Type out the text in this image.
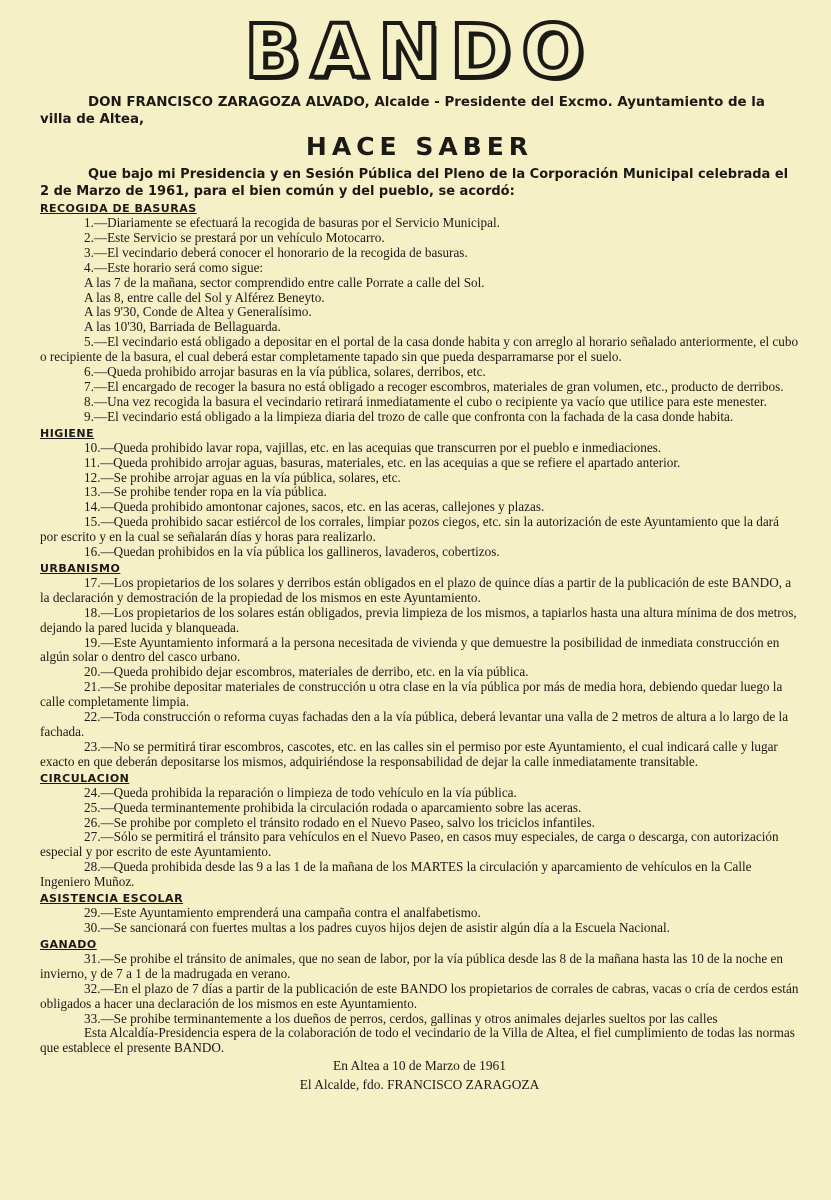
BANDO

DON FRANCISCO ZARAGOZA ALVADO, Alcalde - Presidente del Excmo. Ayuntamiento de la villa de Altea,

HACE SABER

Que bajo mi Presidencia y en Sesión Pública del Pleno de la Corporación Municipal celebrada el 2 de Marzo de 1961, para el bien común y del pueblo, se acordó:

RECOGIDA DE BASURAS

1.—Diariamente se efectuará la recogida de basuras por el Servicio Municipal.

2.—Este Servicio se prestará por un vehículo Motocarro.

3.—El vecindario deberá conocer el honorario de la recogida de basuras.

4.—Este horario será como sigue:

A las 7 de la mañana, sector comprendido entre calle Porrate a calle del Sol.

A las 8, entre calle del Sol y Alférez Beneyto.

A las 9'30, Conde de Altea y Generalísimo.

A las 10'30, Barriada de Bellaguarda.

5.—El vecindario está obligado a depositar en el portal de la casa donde habita y con arreglo al horario señalado anteriormente, el cubo o recipiente de la basura, el cual deberá estar completamente tapado sin que pueda desparramarse por el suelo.

6.—Queda prohibido arrojar basuras en la vía pública, solares, derribos, etc.

7.—El encargado de recoger la basura no está obligado a recoger escombros, materiales de gran volumen, etc., producto de derribos.

8.—Una vez recogida la basura el vecindario retirará inmediatamente el cubo o recipiente ya vacío que utilice para este menester.

9.—El vecindario está obligado a la limpieza diaria del trozo de calle que confronta con la fachada de la casa donde habita.

HIGIENE

10.—Queda prohibido lavar ropa, vajillas, etc. en las acequias que transcurren por el pueblo e inmediaciones.

11.—Queda prohibido arrojar aguas, basuras, materiales, etc. en las acequias a que se refiere el apartado anterior.

12.—Se prohibe arrojar aguas en la vía pública, solares, etc.

13.—Se prohibe tender ropa en la vía pública.

14.—Queda prohibido amontonar cajones, sacos, etc. en las aceras, callejones y plazas.

15.—Queda prohibido sacar estiércol de los corrales, limpiar pozos ciegos, etc. sin la autorización de este Ayuntamiento que la dará por escrito y en la cual se señalarán días y horas para realizarlo.

16.—Quedan prohibidos en la vía pública los gallineros, lavaderos, cobertizos.

URBANISMO

17.—Los propietarios de los solares y derribos están obligados en el plazo de quince días a partir de la publicación de este BANDO, a la declaración y demostración de la propiedad de los mismos en este Ayuntamiento.

18.—Los propietarios de los solares están obligados, previa limpieza de los mismos, a tapiarlos hasta una altura mínima de dos metros, dejando la pared lucida y blanqueada.

19.—Este Ayuntamiento informará a la persona necesitada de vivienda y que demuestre la posibilidad de inmediata construcción en algún solar o dentro del casco urbano.

20.—Queda prohibido dejar escombros, materiales de derribo, etc. en la vía pública.

21.—Se prohibe depositar materiales de construcción u otra clase en la vía pública por más de media hora, debiendo quedar luego la calle completamente limpia.

22.—Toda construcción o reforma cuyas fachadas den a la vía pública, deberá levantar una valla de 2 metros de altura a lo largo de la fachada.

23.—No se permitirá tirar escombros, cascotes, etc. en las calles sin el permiso por este Ayuntamiento, el cual indicará calle y lugar exacto en que deberán depositarse los mismos, adquiriéndose la responsabilidad de dejar la calle inmediatamente transitable.

CIRCULACION

24.—Queda prohibida la reparación o limpieza de todo vehículo en la vía pública.

25.—Queda terminantemente prohibida la circulación rodada o aparcamiento sobre las aceras.

26.—Se prohibe por completo el tránsito rodado en el Nuevo Paseo, salvo los triciclos infantiles.

27.—Sólo se permitirá el tránsito para vehículos en el Nuevo Paseo, en casos muy especiales, de carga o descarga, con autorización especial y por escrito de este Ayuntamiento.

28.—Queda prohibida desde las 9 a las 1 de la mañana de los MARTES la circulación y aparcamiento de vehículos en la Calle Ingeniero Muñoz.

ASISTENCIA ESCOLAR

29.—Este Ayuntamiento emprenderá una campaña contra el analfabetismo.

30.—Se sancionará con fuertes multas a los padres cuyos hijos dejen de asistir algún día a la Escuela Nacional.

GANADO

31.—Se prohibe el tránsito de animales, que no sean de labor, por la vía pública desde las 8 de la mañana hasta las 10 de la noche en invierno, y de 7 a 1 de la madrugada en verano.

32.—En el plazo de 7 días a partir de la publicación de este BANDO los propietarios de corrales de cabras, vacas o cría de cerdos están obligados a hacer una declaración de los mismos en este Ayuntamiento.

33.—Se prohibe terminantemente a los dueños de perros, cerdos, gallinas y otros animales dejarles sueltos por las calles

Esta Alcaldía-Presidencia espera de la colaboración de todo el vecindario de la Villa de Altea, el fiel cumplimiento de todas las normas que establece el presente BANDO.

En Altea a 10 de Marzo de 1961
El Alcalde, fdo. FRANCISCO ZARAGOZA
